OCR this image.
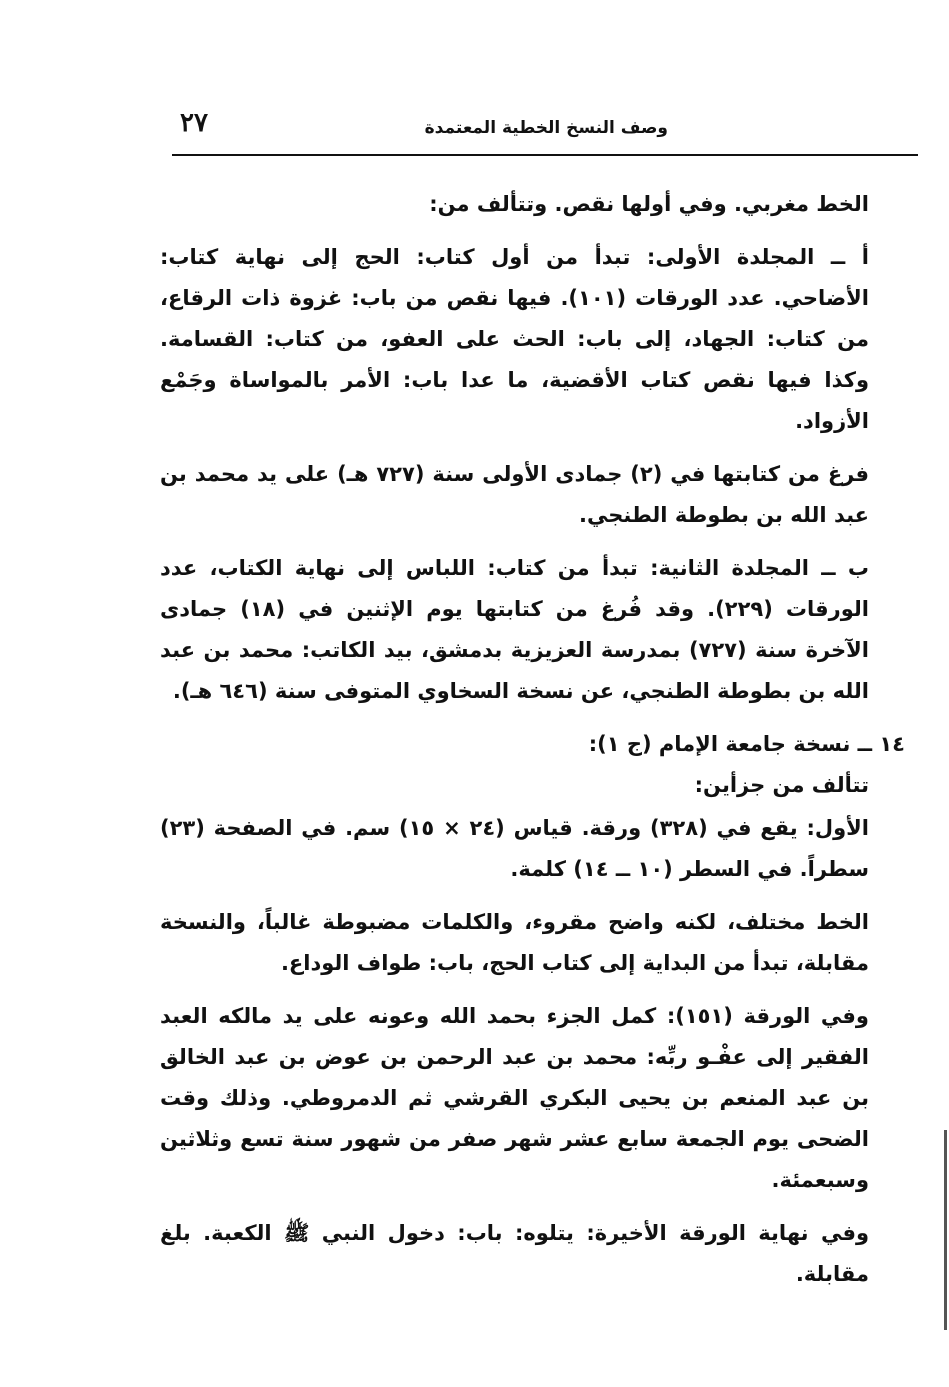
٢٧	وصف النسخ الخطية المعتمدة

الخط مغربي. وفي أولها نقص. وتتألف من:

أ ــ المجلدة الأولى: تبدأ من أول كتاب: الحج إلى نهاية كتاب: الأضاحي. عدد الورقات (١٠١). فيها نقص من باب: غزوة ذات الرقاع، من كتاب: الجهاد، إلى باب: الحث على العفو، من كتاب: القسامة. وكذا فيها نقص كتاب الأقضية، ما عدا باب: الأمر بالمواساة وجَمْع الأزواد.

فرغ من كتابتها في (٢) جمادى الأولى سنة (٧٢٧ هـ) على يد محمد بن عبد الله بن بطوطة الطنجي.

ب ــ المجلدة الثانية: تبدأ من كتاب: اللباس إلى نهاية الكتاب، عدد الورقات (٢٢٩). وقد فُرغ من كتابتها يوم الإثنين في (١٨) جمادى الآخرة سنة (٧٢٧) بمدرسة العزيزية بدمشق، بيد الكاتب: محمد بن عبد الله بن بطوطة الطنجي، عن نسخة السخاوي المتوفى سنة (٦٤٦ هـ).

١٤ ــ نسخة جامعة الإمام (ج ١):

تتألف من جزأين:

الأول: يقع في (٣٢٨) ورقة. قياس (٢٤ × ١٥) سم. في الصفحة (٢٣) سطراً. في السطر (١٠ ــ ١٤) كلمة.

الخط مختلف، لكنه واضح مقروء، والكلمات مضبوطة غالباً، والنسخة مقابلة، تبدأ من البداية إلى كتاب الحج، باب: طواف الوداع.

وفي الورقة (١٥١): كمل الجزء بحمد الله وعونه على يد مالكه العبد الفقير إلى عفْـو ربِّه: محمد بن عبد الرحمن بن عوض بن عبد الخالق بن عبد المنعم بن يحيى البكري القرشي ثم الدمروطي. وذلك وقت الضحى يوم الجمعة سابع عشر شهر صفر من شهور سنة تسع وثلاثين وسبعمئة.

وفي نهاية الورقة الأخيرة: يتلوه: باب: دخول النبي ﷺ الكعبة. بلغ مقابلة.
